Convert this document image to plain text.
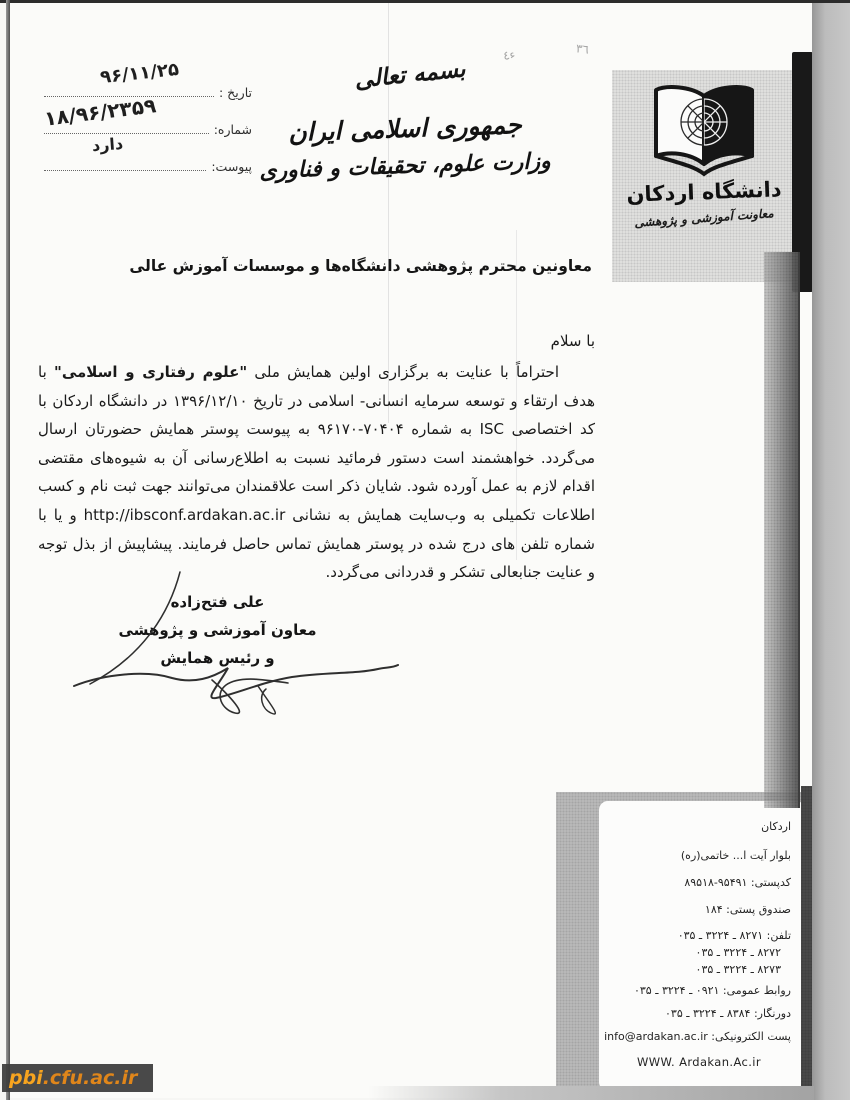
تاریخ :
شماره:
پیوست:
۹۶/۱۱/۲۵
۱۸/۹۶/۲۳۵۹
دارد
بسمه تعالی
جمهوری اسلامی ایران
وزارت علوم، تحقیقات و فناوری
ء٤	٣٦
دانشگاه اردکان
معاونت آموزشی و پژوهشی
معاونین محترم پژوهشی دانشگاه‌ها و موسسات آموزش عالی
با سلام
احتراماً با عنایت به برگزاری اولین همایش ملی "علوم رفتاری و اسلامی" با هدف ارتقاء و توسعه سرمایه انسانی- اسلامی در تاریخ ۱۳۹۶/۱۲/۱۰ در دانشگاه اردکان با کد اختصاصی ISC به شماره ۷۰۴۰۴-۹۶۱۷۰ به پیوست پوستر همایش حضورتان ارسال می‌گردد. خواهشمند است دستور فرمائید نسبت به اطلاع‌رسانی آن به شیوه‌های مقتضی اقدام لازم به عمل آورده شود. شایان ذکر است علاقمندان می‌توانند جهت ثبت نام و کسب اطلاعات تکمیلی به وب‌سایت همایش به نشانی http://ibsconf.ardakan.ac.ir و یا با شماره تلفن های درج شده در پوستر همایش تماس حاصل فرمایند. پیشاپیش از بذل توجه و عنایت جنابعالی تشکر و قدردانی می‌گردد.
علی فتح‌زاده
معاون آموزشی و پژوهشی
و رئیس همایش
اردکان
بلوار آیت ا... خاتمی(ره)
کدپستی: ۹۵۴۹۱-۸۹۵۱۸
صندوق پستی: ۱۸۴
تلفن: ۸۲۷۱ ـ ۳۲۲۴ ـ ۰۳۵
۸۲۷۲ ـ ۳۲۲۴ ـ ۰۳۵
۸۲۷۳ ـ ۳۲۲۴ ـ ۰۳۵
روابط عمومی: ۰۹۲۱ ـ ۳۲۲۴ ـ ۰۳۵
دورنگار: ۸۳۸۴ ـ ۳۲۲۴ ـ ۰۳۵
پست الکترونیکی: info@ardakan.ac.ir
WWW. Ardakan.Ac.ir
pbi .cfu.ac.ir
